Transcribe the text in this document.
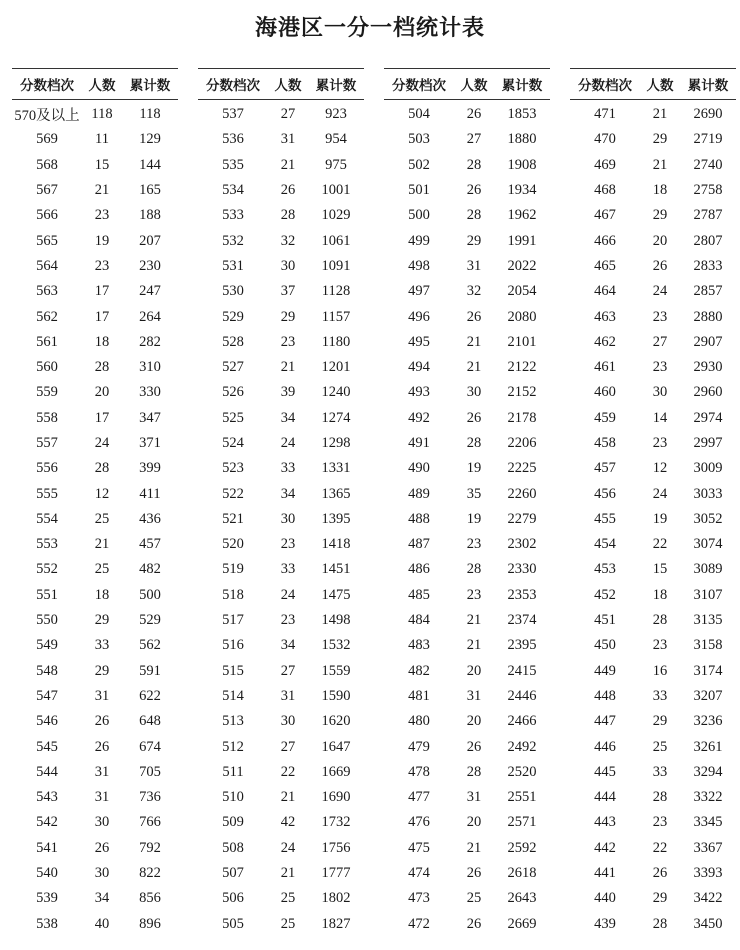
海港区一分一档统计表
分数档次	人数	累计数
570及以上	118	118
569	11	129
568	15	144
567	21	165
566	23	188
565	19	207
564	23	230
563	17	247
562	17	264
561	18	282
560	28	310
559	20	330
558	17	347
557	24	371
556	28	399
555	12	411
554	25	436
553	21	457
552	25	482
551	18	500
550	29	529
549	33	562
548	29	591
547	31	622
546	26	648
545	26	674
544	31	705
543	31	736
542	30	766
541	26	792
540	30	822
539	34	856
538	40	896
分数档次	人数	累计数
537	27	923
536	31	954
535	21	975
534	26	1001
533	28	1029
532	32	1061
531	30	1091
530	37	1128
529	29	1157
528	23	1180
527	21	1201
526	39	1240
525	34	1274
524	24	1298
523	33	1331
522	34	1365
521	30	1395
520	23	1418
519	33	1451
518	24	1475
517	23	1498
516	34	1532
515	27	1559
514	31	1590
513	30	1620
512	27	1647
511	22	1669
510	21	1690
509	42	1732
508	24	1756
507	21	1777
506	25	1802
505	25	1827
分数档次	人数	累计数
504	26	1853
503	27	1880
502	28	1908
501	26	1934
500	28	1962
499	29	1991
498	31	2022
497	32	2054
496	26	2080
495	21	2101
494	21	2122
493	30	2152
492	26	2178
491	28	2206
490	19	2225
489	35	2260
488	19	2279
487	23	2302
486	28	2330
485	23	2353
484	21	2374
483	21	2395
482	20	2415
481	31	2446
480	20	2466
479	26	2492
478	28	2520
477	31	2551
476	20	2571
475	21	2592
474	26	2618
473	25	2643
472	26	2669
分数档次	人数	累计数
471	21	2690
470	29	2719
469	21	2740
468	18	2758
467	29	2787
466	20	2807
465	26	2833
464	24	2857
463	23	2880
462	27	2907
461	23	2930
460	30	2960
459	14	2974
458	23	2997
457	12	3009
456	24	3033
455	19	3052
454	22	3074
453	15	3089
452	18	3107
451	28	3135
450	23	3158
449	16	3174
448	33	3207
447	29	3236
446	25	3261
445	33	3294
444	28	3322
443	23	3345
442	22	3367
441	26	3393
440	29	3422
439	28	3450
